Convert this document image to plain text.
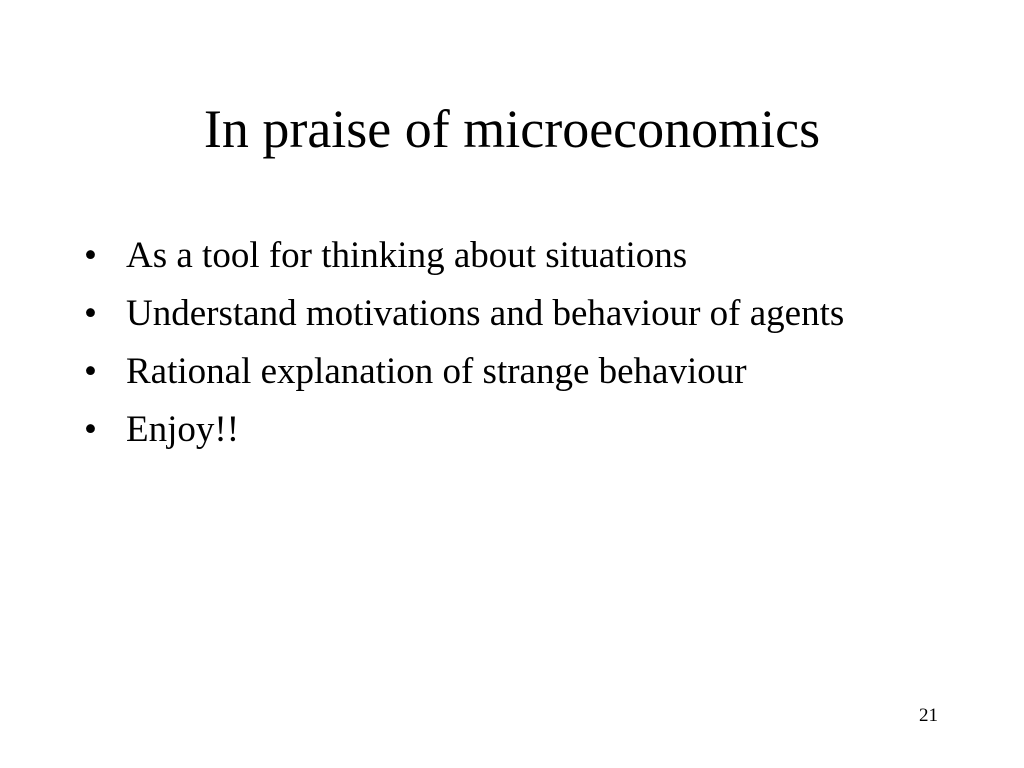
In praise of microeconomics
• As a tool for thinking about situations
• Understand motivations and behaviour of agents
• Rational explanation of strange behaviour
• Enjoy!!
21
